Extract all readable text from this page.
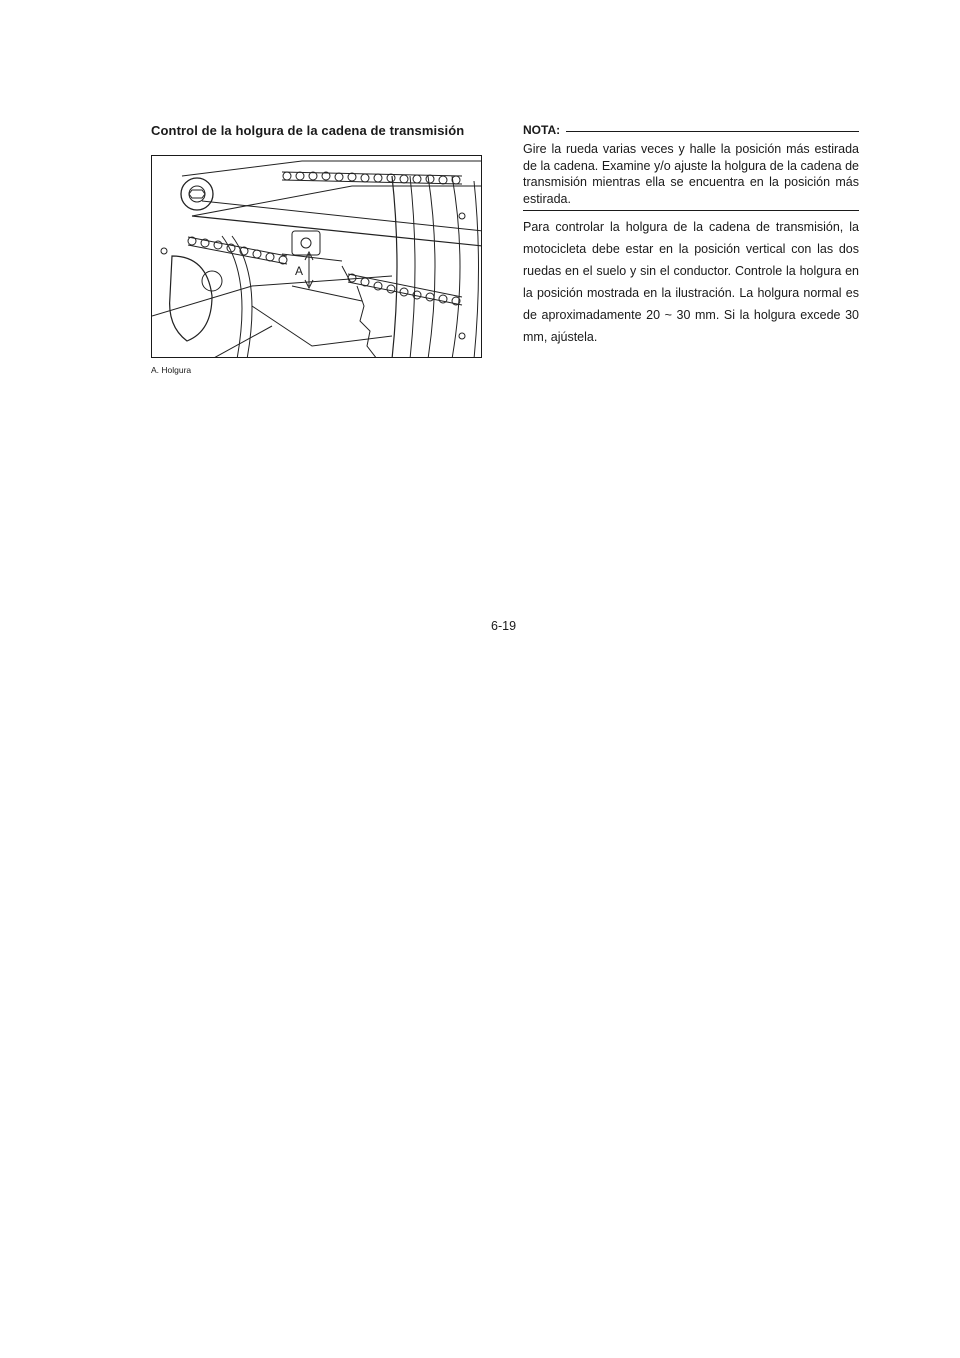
Control de la holgura de la cadena de transmisión
A
A. Holgura
NOTA:
Gire la rueda varias veces y halle la posición más estirada de la cadena. Examine y/o ajuste la holgura de la cadena de transmisión mientras ella se encuentra en la posición más estirada.
Para controlar la holgura de la cadena de transmisión, la motocicleta debe estar en la posición vertical con las dos ruedas en el suelo y sin el conductor. Controle la holgura en la posición mostrada en la ilustración. La holgura normal es de aproximadamente 20 ~ 30 mm. Si la holgura excede 30 mm, ajústela.
6-19
